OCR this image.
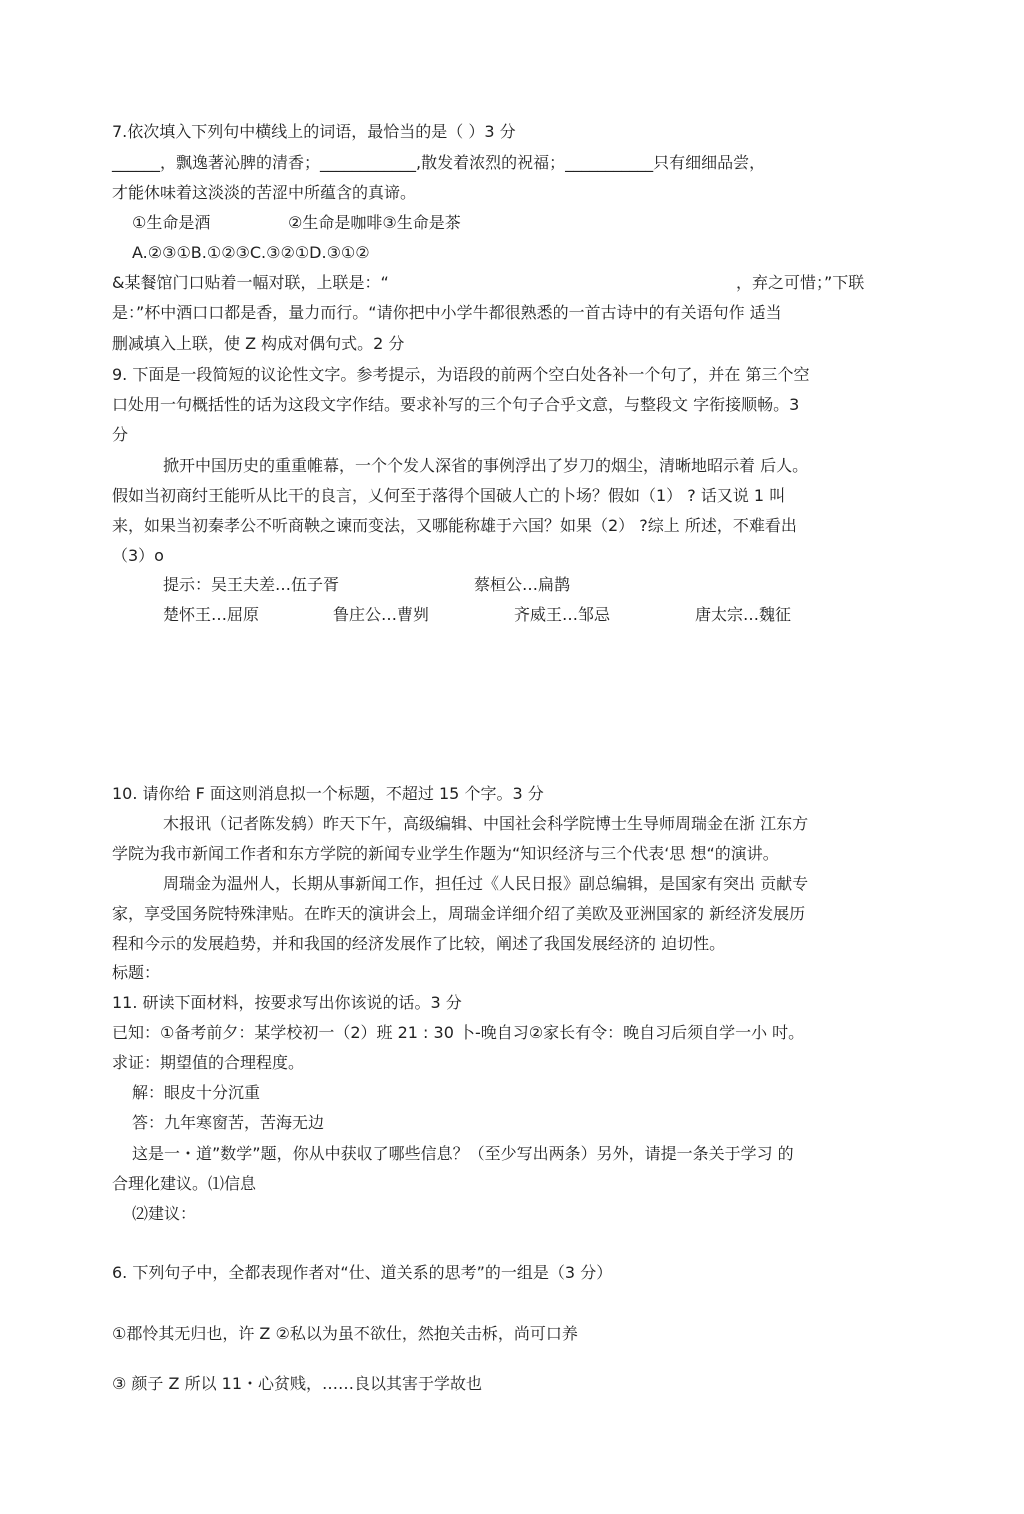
7.依次填入下列句中横线上的词语，最恰当的是（ ）3 分
______，飘逸著沁脾的清香；____________,散发着浓烈的祝福；___________只有细细品尝，
才能休味着这淡淡的苦涩中所蕴含的真谛。
①生命是酒	②生命是咖啡③生命是茶
A.②③①B.①②③C.③②①D.③①②
&某餐馆门口贴着一幅对联，上联是：“	，弃之可惜；”下联
是：”杯中酒口口都是香，量力而行。“请你把中小学牛都很熟悉的一首古诗中的有关语句作 适当
删减填入上联，使 Z 构成对偶句式。2 分
9. 下面是一段简短的议论性文字。参考提示，为语段的前两个空白处各补一个句了，并在 第三个空
口处用一句概括性的话为这段文字作结。要求补写的三个句子合乎文意，与整段文 字衔接顺畅。3
分
掀开中国历史的重重帷幕，一个个发人深省的事例浮出了岁刀的烟尘，清晰地昭示着 后人。
假如当初商纣王能听从比干的良言，乂何至于落得个国破人亡的卜场？假如（1） ? 话又说 1 叫
来，如果当初秦孝公不听商鞅之谏而变法，又哪能称雄于六国？如果（2） ?综上 所述，不难看出
（3）o
提示：吴王夫差…伍子胥	蔡桓公…扁鹊
楚怀王…屈原	鲁庄公…曹刿	齐威王…邹忌	唐太宗…魏征
10. 请你给 F 面这则消息拟一个标题，不超过 15 个字。3 分
木报讯（记者陈发鸫）昨天下午，高级编辑、中国社会科学院博士生导师周瑞金在浙 江东方
学院为我市新闻工作者和东方学院的新闻专业学生作题为“知识经济与三个代表‘思 想“的演讲。
周瑞金为温州人，长期从事新闻工作，担任过《人民日报》副总编辑，是国家有突出 贡献专
家，享受国务院特殊津贴。在昨天的演讲会上，周瑞金详细介绍了美欧及亚洲国家的 新经济发展历
程和今示的发展趋势，并和我国的经济发展作了比较，阐述了我国发展经济的 迫切性。
标题：
11. 研读下面材料，按要求写出你该说的话。3 分
已知：①备考前夕：某学校初一（2）班 21 : 30 卜-晚自习②家长有令：晚自习后须自学一小 吋。
求证：期望值的合理程度。
解：眼皮十分沉重
答：九年寒窗苦，苦海无边
这是一・道”数学”题，你从中获収了哪些信息？（至少写出两条）另外，请提一条关于学习 的
合理化建议。⑴信息
⑵建议：
6. 下列句子中，全都表现作者对“仕、道关系的思考”的一组是（3 分）
①郡怜其无归也，许 Z ②私以为虽不欲仕，然抱关击柝，尚可口养
③ 颜子 Z 所以 11・心贫贱，……良以其害于学故也
